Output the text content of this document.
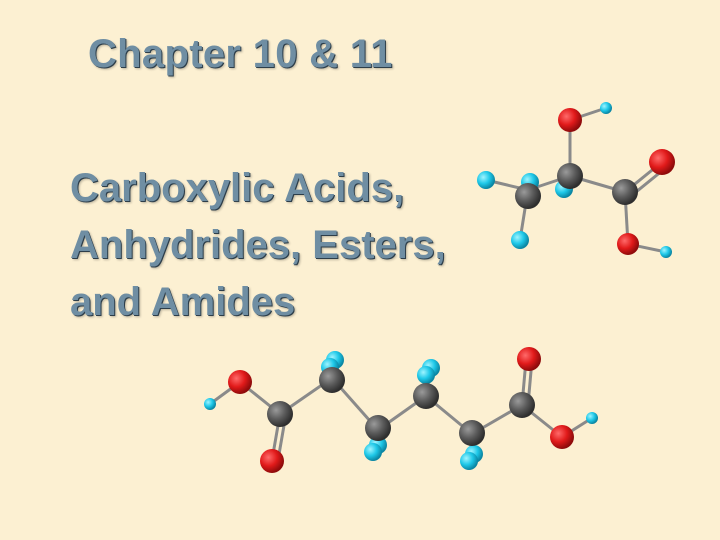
Chapter 10 & 11
Carboxylic Acids,
Anhydrides, Esters,
and Amides
